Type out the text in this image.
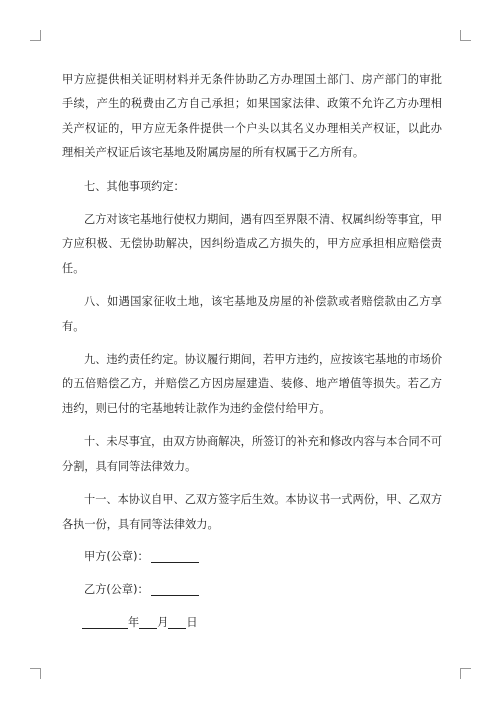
甲方应提供相关证明材料并无条件协助乙方办理国土部门、房产部门的审批手续，产生的税费由乙方自己承担；如果国家法律、政策不允许乙方办理相关产权证的，甲方应无条件提供一个户头以其名义办理相关产权证，以此办理相关产权证后该宅基地及附属房屋的所有权属于乙方所有。

七、其他事项约定：

乙方对该宅基地行使权力期间，遇有四至界限不清、权属纠纷等事宜，甲方应积极、无偿协助解决，因纠纷造成乙方损失的，甲方应承担相应赔偿责任。

八、如遇国家征收土地，该宅基地及房屋的补偿款或者赔偿款由乙方享有。

九、违约责任约定。协议履行期间，若甲方违约，应按该宅基地的市场价的五倍赔偿乙方，并赔偿乙方因房屋建造、装修、地产增值等损失。若乙方违约，则已付的宅基地转让款作为违约金偿付给甲方。

十、未尽事宜，由双方协商解决，所签订的补充和修改内容与本合同不可分割，具有同等法律效力。

十一、本协议自甲、乙双方签字后生效。本协议书一式两份，甲、乙双方各执一份，具有同等法律效力。

甲方(公章)：
乙方(公章)：
年 月 日
